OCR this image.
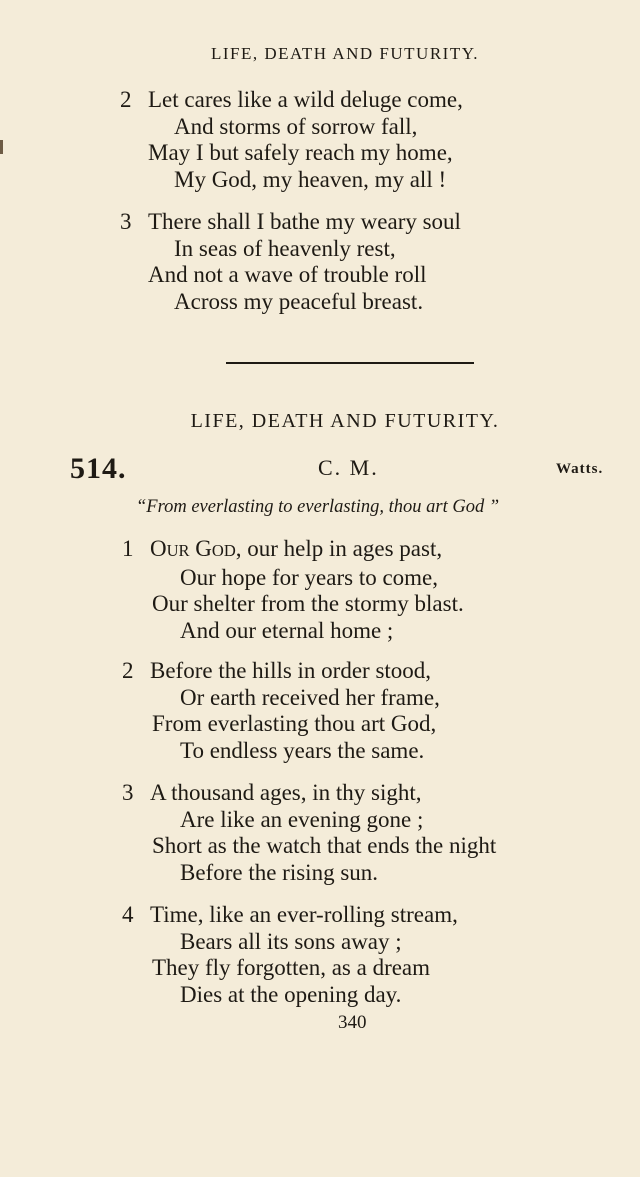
LIFE, DEATH AND FUTURITY.
2 Let cares like a wild deluge come,
And storms of sorrow fall,
May I but safely reach my home,
My God, my heaven, my all !
3 There shall I bathe my weary soul
In seas of heavenly rest,
And not a wave of trouble roll
Across my peaceful breast.
LIFE, DEATH AND FUTURITY.
514.	C. M.	Watts.
“From everlasting to everlasting, thou art God ”
1 OUR GOD, our help in ages past,
Our hope for years to come,
Our shelter from the stormy blast.
And our eternal home ;
2 Before the hills in order stood,
Or earth received her frame,
From everlasting thou art God,
To endless years the same.
3 A thousand ages, in thy sight,
Are like an evening gone ;
Short as the watch that ends the night
Before the rising sun.
4 Time, like an ever-rolling stream,
Bears all its sons away ;
They fly forgotten, as a dream
Dies at the opening day.
340
